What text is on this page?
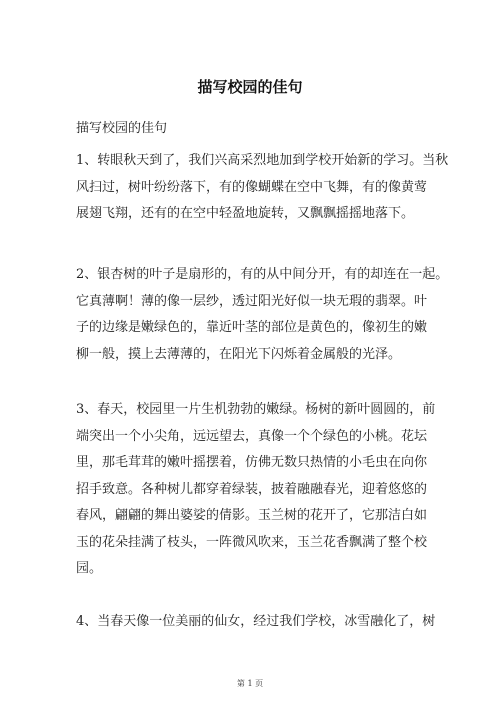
描写校园的佳句
描写校园的佳句
1、转眼秋天到了，我们兴高采烈地加到学校开始新的学习。当秋
风扫过，树叶纷纷落下，有的像蝴蝶在空中飞舞，有的像黄莺
展翅飞翔，还有的在空中轻盈地旋转，又飘飘摇摇地落下。
2、银杏树的叶子是扇形的，有的从中间分开，有的却连在一起。
它真薄啊！薄的像一层纱，透过阳光好似一块无瑕的翡翠。叶
子的边缘是嫩绿色的，靠近叶茎的部位是黄色的，像初生的嫩
柳一般，摸上去薄薄的，在阳光下闪烁着金属般的光泽。
3、春天，校园里一片生机勃勃的嫩绿。杨树的新叶圆圆的，前
端突出一个小尖角，远远望去，真像一个个绿色的小桃。花坛
里，那毛茸茸的嫩叶摇摆着，仿佛无数只热情的小毛虫在向你
招手致意。各种树儿都穿着绿装，披着融融春光，迎着悠悠的
春风，翩翩的舞出婆娑的倩影。玉兰树的花开了，它那洁白如
玉的花朵挂满了枝头，一阵微风吹来，玉兰花香飘满了整个校
园。
4、当春天像一位美丽的仙女，经过我们学校，冰雪融化了，树
第 1 页
